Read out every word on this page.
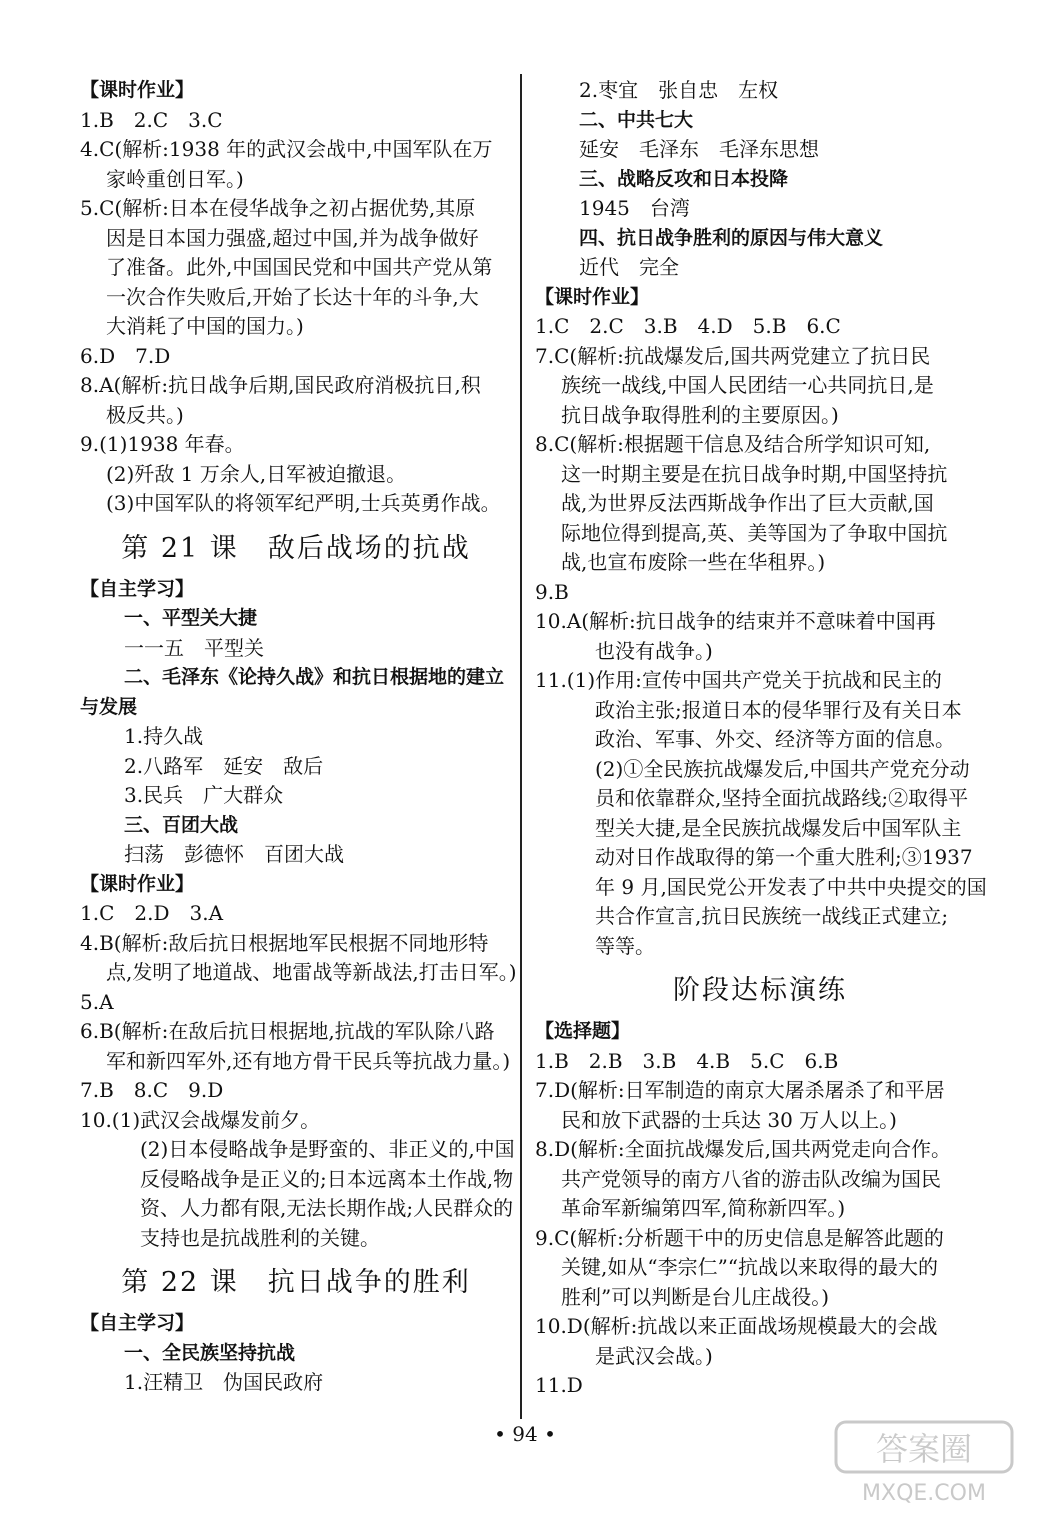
【课时作业】
1.B　2.C　3.C
4.C(解析:1938 年的武汉会战中,中国军队在万
家岭重创日军。)
5.C(解析:日本在侵华战争之初占据优势,其原
因是日本国力强盛,超过中国,并为战争做好
了准备。此外,中国国民党和中国共产党从第
一次合作失败后,开始了长达十年的斗争,大
大消耗了中国的国力。)
6.D　7.D
8.A(解析:抗日战争后期,国民政府消极抗日,积
极反共。)
9.(1)1938 年春。
(2)歼敌 1 万余人,日军被迫撤退。
(3)中国军队的将领军纪严明,士兵英勇作战。
第 21 课　敌后战场的抗战
【自主学习】
一、平型关大捷
一一五　平型关
二、毛泽东《论持久战》和抗日根据地的建立
与发展
1.持久战
2.八路军　延安　敌后
3.民兵　广大群众
三、百团大战
扫荡　彭德怀　百团大战
【课时作业】
1.C　2.D　3.A
4.B(解析:敌后抗日根据地军民根据不同地形特
点,发明了地道战、地雷战等新战法,打击日军。)
5.A
6.B(解析:在敌后抗日根据地,抗战的军队除八路
军和新四军外,还有地方骨干民兵等抗战力量。)
7.B　8.C　9.D
10.(1)武汉会战爆发前夕。
(2)日本侵略战争是野蛮的、非正义的,中国
反侵略战争是正义的;日本远离本土作战,物
资、人力都有限,无法长期作战;人民群众的
支持也是抗战胜利的关键。
第 22 课　抗日战争的胜利
【自主学习】
一、全民族坚持抗战
1.汪精卫　伪国民政府
2.枣宜　张自忠　左权
二、中共七大
延安　毛泽东　毛泽东思想
三、战略反攻和日本投降
1945　台湾
四、抗日战争胜利的原因与伟大意义
近代　完全
【课时作业】
1.C　2.C　3.B　4.D　5.B　6.C
7.C(解析:抗战爆发后,国共两党建立了抗日民
族统一战线,中国人民团结一心共同抗日,是
抗日战争取得胜利的主要原因。)
8.C(解析:根据题干信息及结合所学知识可知,
这一时期主要是在抗日战争时期,中国坚持抗
战,为世界反法西斯战争作出了巨大贡献,国
际地位得到提高,英、美等国为了争取中国抗
战,也宣布废除一些在华租界。)
9.B
10.A(解析:抗日战争的结束并不意味着中国再
也没有战争。)
11.(1)作用:宣传中国共产党关于抗战和民主的
政治主张;报道日本的侵华罪行及有关日本
政治、军事、外交、经济等方面的信息。
(2)①全民族抗战爆发后,中国共产党充分动
员和依靠群众,坚持全面抗战路线;②取得平
型关大捷,是全民族抗战爆发后中国军队主
动对日作战取得的第一个重大胜利;③1937
年 9 月,国民党公开发表了中共中央提交的国
共合作宣言,抗日民族统一战线正式建立;
等等。
阶段达标演练
【选择题】
1.B　2.B　3.B　4.B　5.C　6.B
7.D(解析:日军制造的南京大屠杀屠杀了和平居
民和放下武器的士兵达 30 万人以上。)
8.D(解析:全面抗战爆发后,国共两党走向合作。
共产党领导的南方八省的游击队改编为国民
革命军新编第四军,简称新四军。)
9.C(解析:分析题干中的历史信息是解答此题的
关键,如从“李宗仁”“抗战以来取得的最大的
胜利”可以判断是台儿庄战役。)
10.D(解析:抗战以来正面战场规模最大的会战
是武汉会战。)
11.D
• 94 •	答案圈
MXQE.COM
